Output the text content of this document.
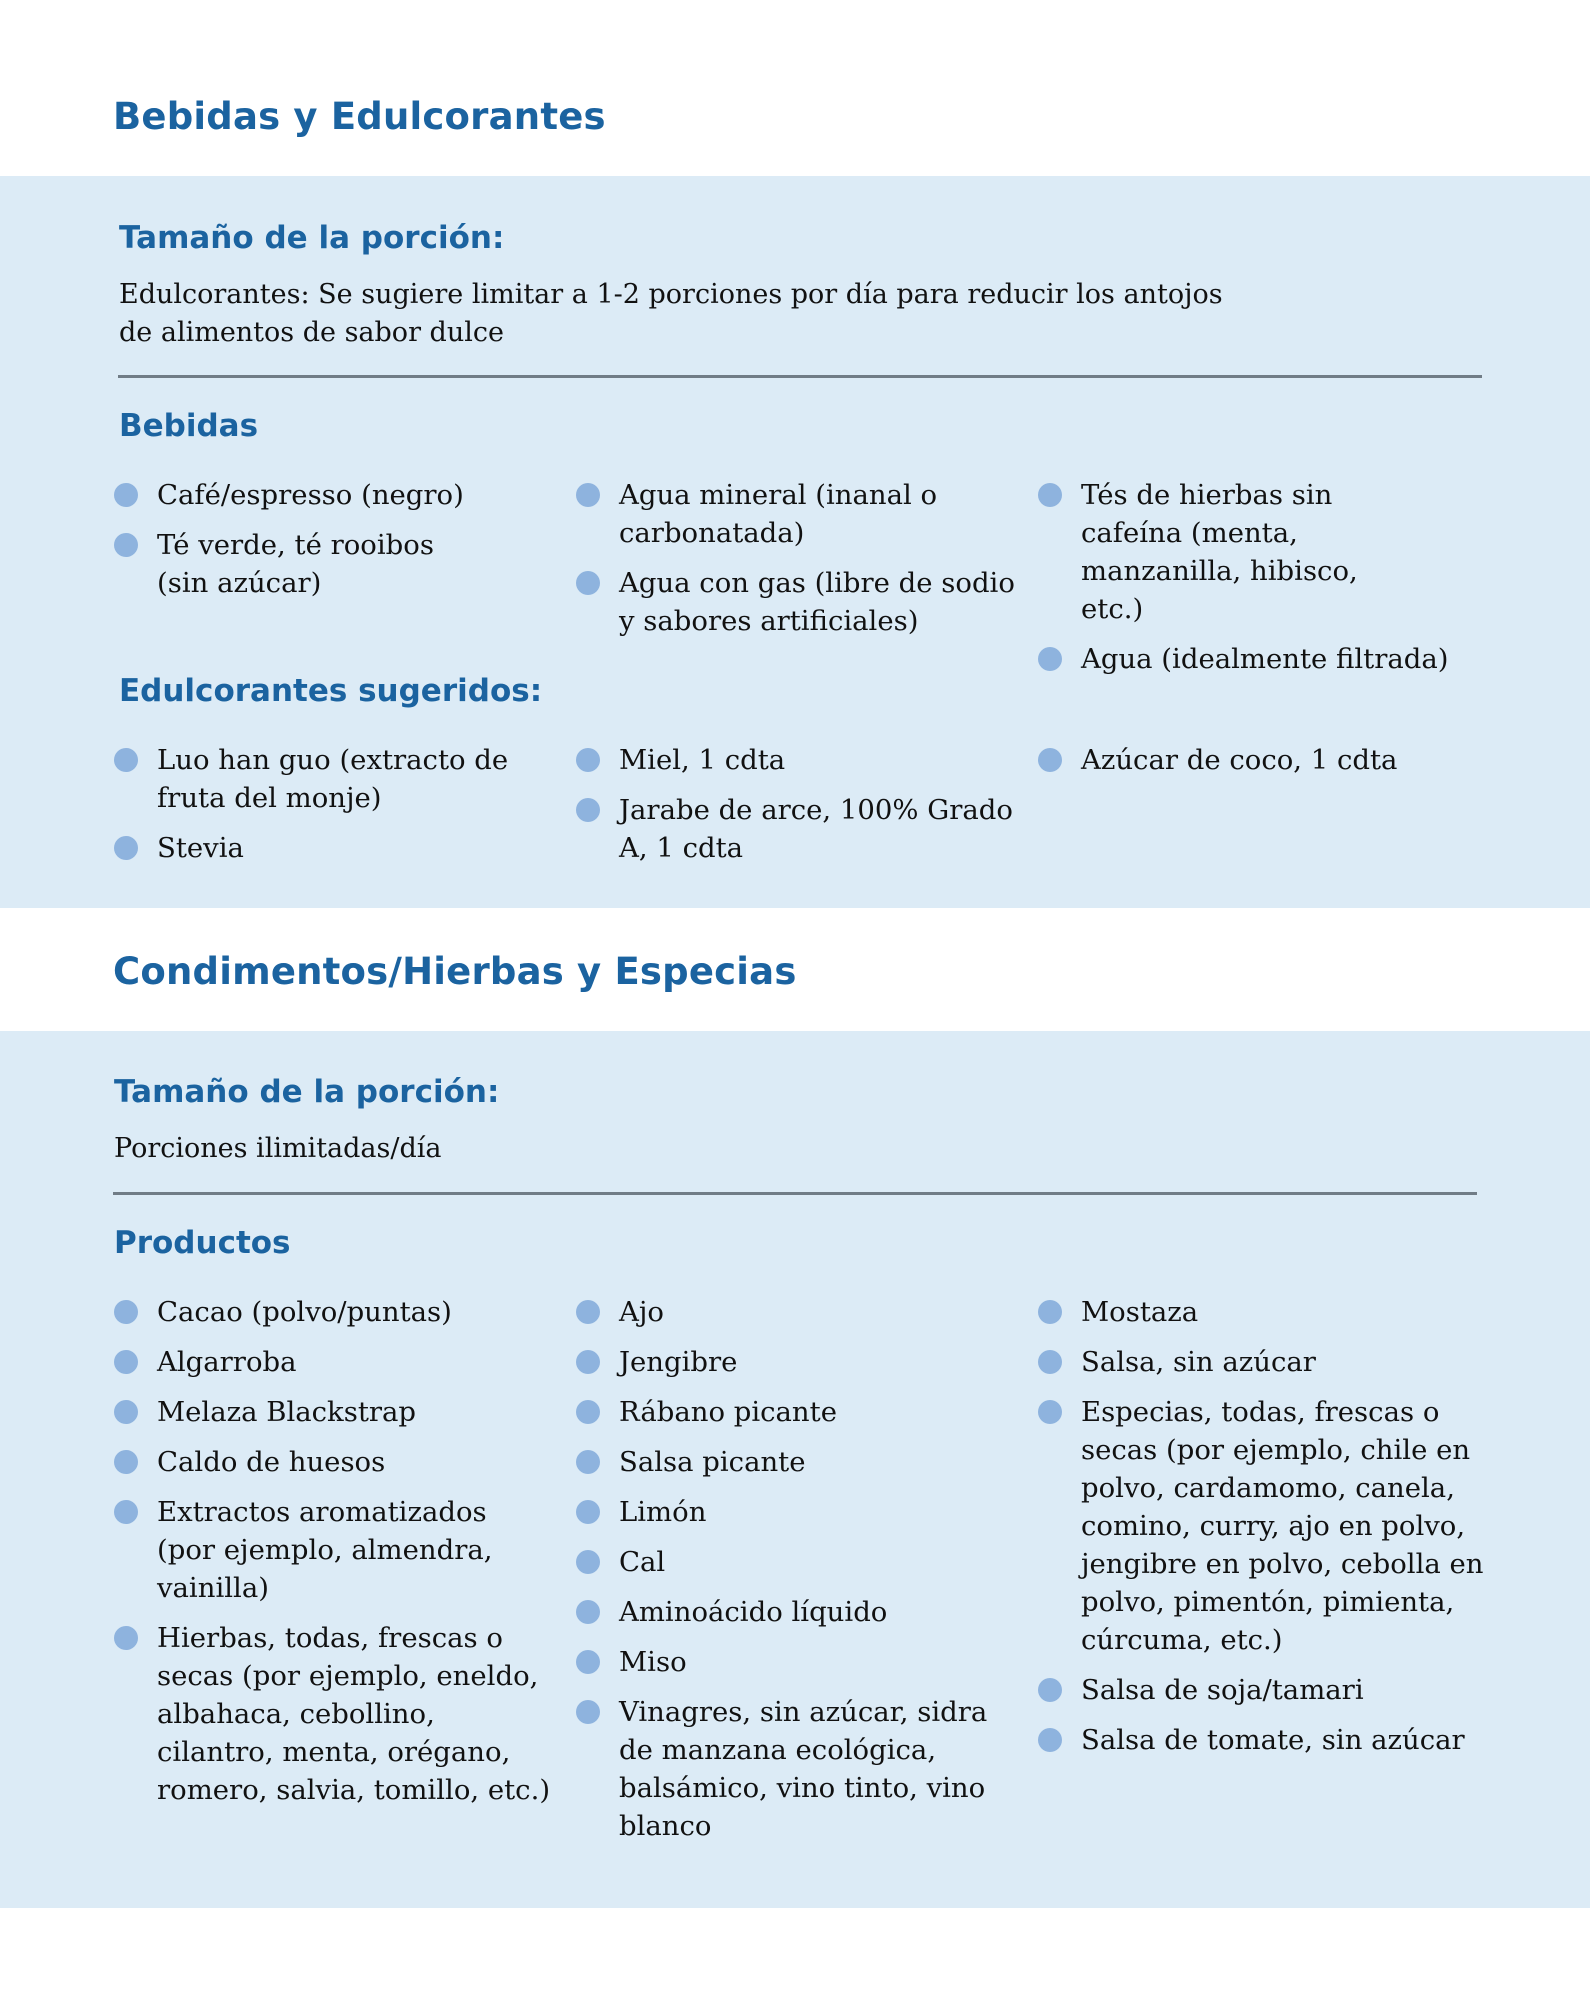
Bebidas y Edulcorantes
Tamaño de la porción:

Edulcorantes: Se sugiere limitar a 1-2 porciones por día para reducir los antojos
de alimentos de sabor dulce

Bebidas
Café/espresso (negro)
Té verde, té rooibos (sin azúcar)
Agua mineral (inanal o carbonatada)
Agua con gas (libre de sodio y sabores artificiales)
Tés de hierbas sin cafeína (menta, manzanilla, hibisco, etc.)
Agua (idealmente filtrada)
Edulcorantes sugeridos:
Luo han guo (extracto de fruta del monje)
Stevia
Miel, 1 cdta
Jarabe de arce, 100% Grado A, 1 cdta
Azúcar de coco, 1 cdta
Condimentos/Hierbas y Especias
Tamaño de la porción:

Porciones ilimitadas/día

Productos
Cacao (polvo/puntas)
Algarroba
Melaza Blackstrap
Caldo de huesos
Extractos aromatizados (por ejemplo, almendra, vainilla)
Hierbas, todas, frescas o secas (por ejemplo, eneldo, albahaca, cebollino, cilantro, menta, orégano, romero, salvia, tomillo, etc.)
Ajo
Jengibre
Rábano picante
Salsa picante
Limón
Cal
Aminoácido líquido
Miso
Vinagres, sin azúcar, sidra de manzana ecológica, balsámico, vino tinto, vino blanco
Mostaza
Salsa, sin azúcar
Especias, todas, frescas o secas (por ejemplo, chile en polvo, cardamomo, canela, comino, curry, ajo en polvo, jengibre en polvo, cebolla en polvo, pimentón, pimienta, cúrcuma, etc.)
Salsa de soja/tamari
Salsa de tomate, sin azúcar
